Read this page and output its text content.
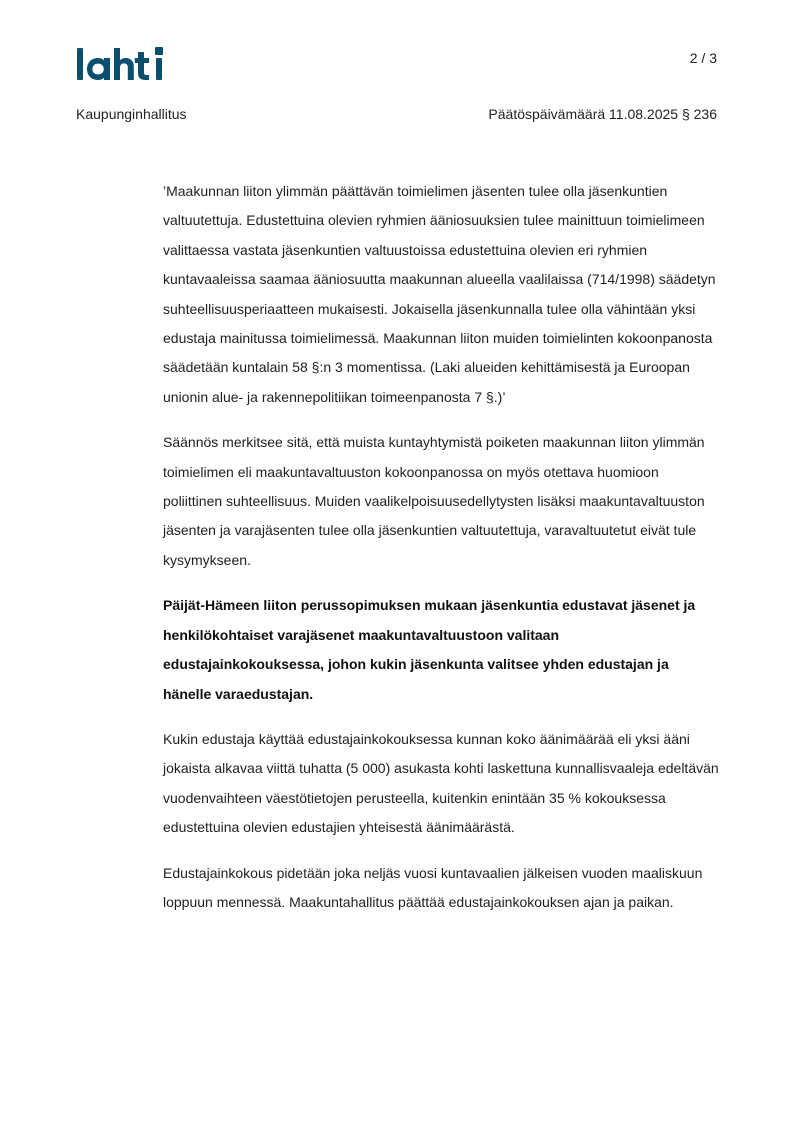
2 / 3
Kaupunginhallitus	Päätöspäivämäärä 11.08.2025 § 236

’Maakunnan liiton ylimmän päättävän toimielimen jäsenten tulee olla jäsenkuntien valtuutettuja. Edustettuina olevien ryhmien ääniosuuksien tulee mainittuun toimielimeen valittaessa vastata jäsenkuntien valtuustoissa edustettuina olevien eri ryhmien kuntavaaleissa saamaa ääniosuutta maakunnan alueella vaalilaissa (714/1998) säädetyn suhteellisuusperiaatteen mukaisesti. Jokaisella jäsenkunnalla tulee olla vähintään yksi edustaja mainitussa toimielimessä. Maakunnan liiton muiden toimielinten kokoonpanosta säädetään kuntalain 58 §:n 3 momentissa. (Laki alueiden kehittämisestä ja Euroopan unionin alue- ja rakennepolitiikan toimeenpanosta 7 §.)’

Säännös merkitsee sitä, että muista kuntayhtymistä poiketen maakunnan liiton ylimmän toimielimen eli maakuntavaltuuston kokoonpanossa on myös otettava huomioon poliittinen suhteellisuus. Muiden vaalikelpoisuusedellytysten lisäksi maakuntavaltuuston jäsenten ja varajäsenten tulee olla jäsenkuntien valtuutettuja, varavaltuutetut eivät tule kysymykseen.

Päijät-Hämeen liiton perussopimuksen mukaan jäsenkuntia edustavat jäsenet ja henkilökohtaiset varajäsenet maakuntavaltuustoon valitaan edustajainkokouksessa, johon kukin jäsenkunta valitsee yhden edustajan ja hänelle varaedustajan.

Kukin edustaja käyttää edustajainkokouksessa kunnan koko äänimäärää eli yksi ääni jokaista alkavaa viittä tuhatta (5 000) asukasta kohti laskettuna kunnallisvaaleja edeltävän vuodenvaihteen väestötietojen perusteella, kuitenkin enintään 35 % kokouksessa edustettuina olevien edustajien yhteisestä äänimäärästä.

Edustajainkokous pidetään joka neljäs vuosi kuntavaalien jälkeisen vuoden maaliskuun loppuun mennessä. Maakuntahallitus päättää edustajainkokouksen ajan ja paikan.
